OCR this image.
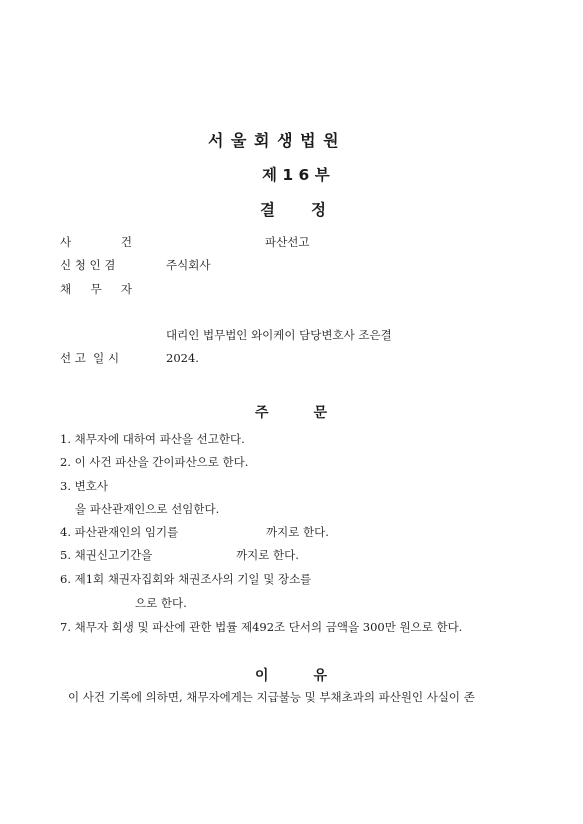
서 울 회 생 법 원
제 1 6 부
결 정
사	건	파산선고
신 청 인 겸	주식회사
채 무 자
대리인 법무법인 와이케이 담당변호사 조은결
선 고  일 시	2024.
주	문
1. 채무자에 대하여 파산을 선고한다.
2. 이 사건 파산을 간이파산으로 한다.
3. 변호사
을 파산관재인으로 선임한다.
4. 파산관재인의 임기를	까지로 한다.
5. 채권신고기간을	까지로 한다.
6. 제1회 채권자집회와 채권조사의 기일 및 장소를
으로 한다.
7. 채무자 회생 및 파산에 관한 법률 제492조 단서의 금액을 300만 원으로 한다.
이	유
이 사건 기록에 의하면, 채무자에게는 지급불능 및 부채초과의 파산원인 사실이 존
